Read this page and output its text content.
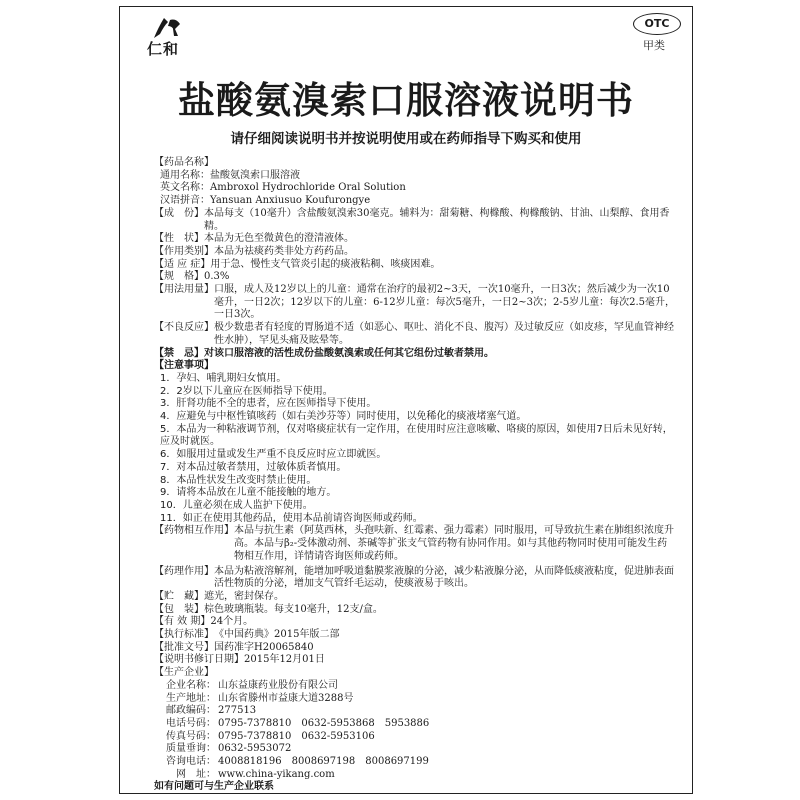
仁和
OTC
甲类
盐酸氨溴索口服溶液说明书
请仔细阅读说明书并按说明使用或在药师指导下购买和使用
【药品名称】
通用名称： 盐酸氨溴索口服溶液
英文名称： Ambroxol Hydrochloride Oral Solution
汉语拼音： Yansuan Anxiusuo Koufurongye
【成　份】 本品每支（10毫升）含盐酸氨溴索30毫克。辅料为：甜菊糖、枸橼酸、枸橼酸钠、甘油、山梨醇、食用香精。
【性　状】 本品为无色至微黄色的澄清液体。
【作用类别】 本品为祛痰药类非处方药药品。
【适 应 症】 用于急、慢性支气管炎引起的痰液粘稠、咳痰困难。
【规　格】 0.3%
【用法用量】 口服，成人及12岁以上的儿童：通常在治疗的最初2~3天，一次10毫升，一日3次；然后减少为一次10毫升，一日2次；12岁以下的儿童：6-12岁儿童：每次5毫升，一日2~3次；2-5岁儿童：每次2.5毫升，一日3次。
【不良反应】 极少数患者有轻度的胃肠道不适（如恶心、呕吐、消化不良、腹泻）及过敏反应（如皮疹，罕见血管神经性水肿），罕见头痛及眩晕等。
【禁　忌】 对该口服溶液的活性成份盐酸氨溴索或任何其它组份过敏者禁用。
【注意事项】
1．孕妇、哺乳期妇女慎用。
2．2岁以下儿童应在医师指导下使用。
3．肝肾功能不全的患者，应在医师指导下使用。
4．应避免与中枢性镇咳药（如右美沙芬等）同时使用，以免稀化的痰液堵塞气道。
5．本品为一种粘液调节剂，仅对咯痰症状有一定作用，在使用时应注意咳嗽、咯痰的原因，如使用7日后未见好转，应及时就医。
6．如服用过量或发生严重不良反应时应立即就医。
7．对本品过敏者禁用，过敏体质者慎用。
8．本品性状发生改变时禁止使用。
9．请将本品放在儿童不能接触的地方。
10．儿童必须在成人监护下使用。
11．如正在使用其他药品，使用本品前请咨询医师或药师。
【药物相互作用】 本品与抗生素（阿莫西林，头孢呋新、红霉素、强力霉素）同时服用，可导致抗生素在肺组织浓度升高。本品与β₂-受体激动剂、茶碱等扩张支气管药物有协同作用。如与其他药物同时使用可能发生药物相互作用，详情请咨询医师或药师。
【药理作用】 本品为粘液溶解剂，能增加呼吸道黏膜浆液腺的分泌，减少粘液腺分泌，从而降低痰液粘度，促进肺表面活性物质的分泌，增加支气管纤毛运动，使痰液易于咳出。
【贮　藏】 遮光，密封保存。
【包　装】 棕色玻璃瓶装。每支10毫升，12支/盒。
【有 效 期】 24个月。
【执行标准】 《中国药典》2015年版二部
【批准文号】 国药准字H20065840
【说明书修订日期】 2015年12月01日
【生产企业】
企业名称： 山东益康药业股份有限公司
生产地址： 山东省滕州市益康大道3288号
邮政编码： 277513
电话号码： 0795-7378810　0632-5953868　5953886
传真号码： 0795-7378810　0632-5953106
质量垂询： 0632-5953072
咨询电话： 4008818196　8008697198　8008697199
网　址： www.china-yikang.com
如有问题可与生产企业联系
